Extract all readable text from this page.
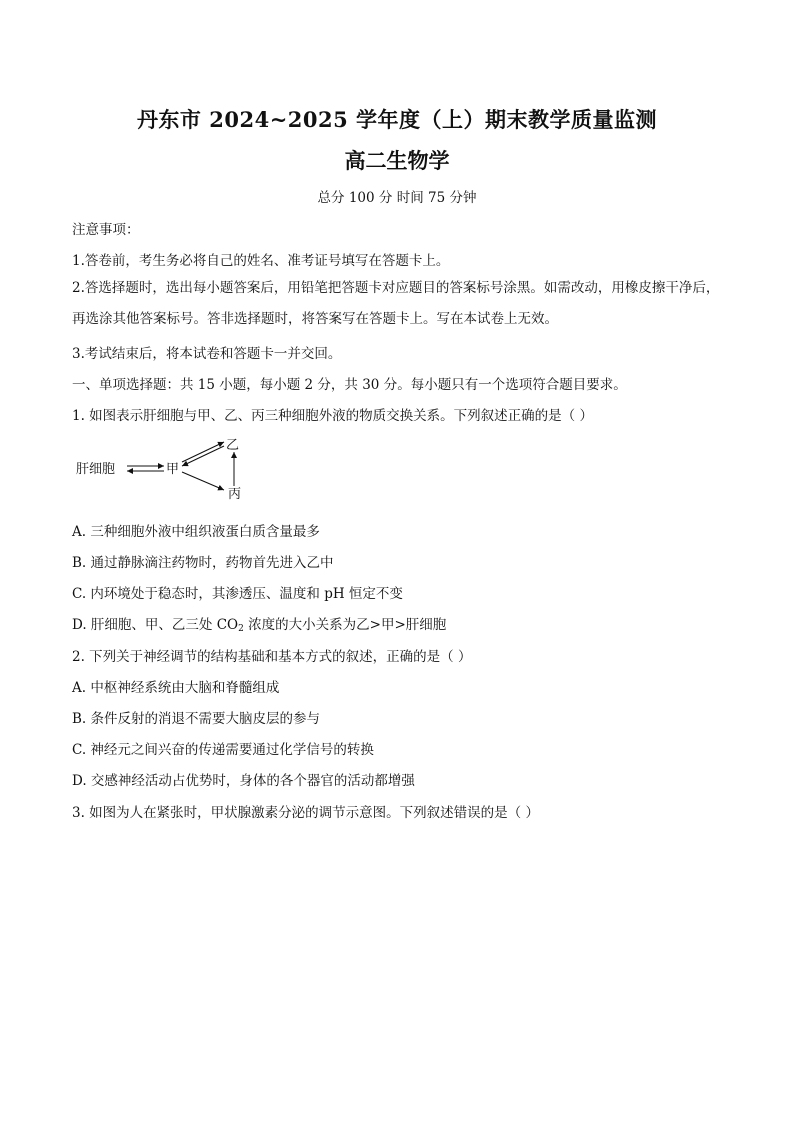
丹东市 2024~2025 学年度（上）期末教学质量监测
高二生物学
总分 100 分 时间 75 分钟
注意事项：
1.答卷前，考生务必将自己的姓名、准考证号填写在答题卡上。
2.答选择题时，选出每小题答案后，用铅笔把答题卡对应题目的答案标号涂黑。如需改动，用橡皮擦干净后，再选涂其他答案标号。答非选择题时，将答案写在答题卡上。写在本试卷上无效。
3.考试结束后，将本试卷和答题卡一并交回。
一、单项选择题：共 15 小题，每小题 2 分，共 30 分。每小题只有一个选项符合题目要求。
1. 如图表示肝细胞与甲、乙、丙三种细胞外液的物质交换关系。下列叙述正确的是（ ）
肝细胞	甲
乙
丙
A. 三种细胞外液中组织液蛋白质含量最多
B. 通过静脉滴注药物时，药物首先进入乙中
C. 内环境处于稳态时，其渗透压、温度和 pH 恒定不变
D. 肝细胞、甲、乙三处 $CO_2$ 浓度的大小关系为乙>甲>肝细胞
2. 下列关于神经调节的结构基础和基本方式的叙述，正确的是（ ）
A. 中枢神经系统由大脑和脊髓组成
B. 条件反射的消退不需要大脑皮层的参与
C. 神经元之间兴奋的传递需要通过化学信号的转换
D. 交感神经活动占优势时，身体的各个器官的活动都增强
3. 如图为人在紧张时，甲状腺激素分泌的调节示意图。下列叙述错误的是（ ）
